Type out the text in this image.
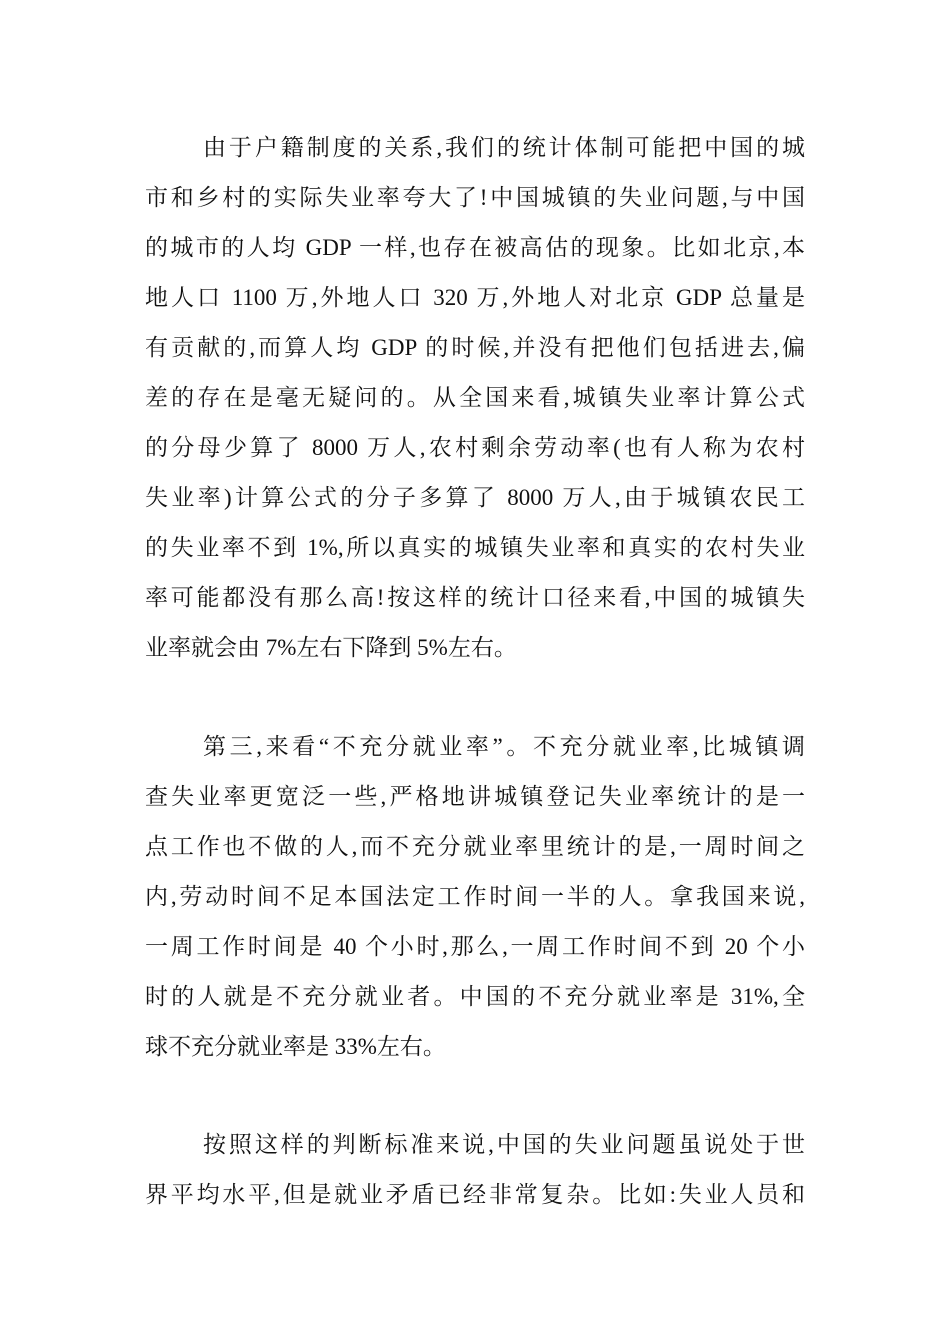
由于户籍制度的关系,我们的统计体制可能把中国的城
市和乡村的实际失业率夸大了!中国城镇的失业问题,与中国
的城市的人均 GDP 一样,也存在被高估的现象。比如北京,本
地人口 1100 万,外地人口 320 万,外地人对北京 GDP 总量是
有贡献的,而算人均 GDP 的时候,并没有把他们包括进去,偏
差的存在是毫无疑问的。从全国来看,城镇失业率计算公式
的分母少算了 8000 万人,农村剩余劳动率(也有人称为农村
失业率)计算公式的分子多算了 8000 万人,由于城镇农民工
的失业率不到 1%,所以真实的城镇失业率和真实的农村失业
率可能都没有那么高!按这样的统计口径来看,中国的城镇失
业率就会由 7%左右下降到 5%左右。
第三,来看“不充分就业率”。不充分就业率,比城镇调
查失业率更宽泛一些,严格地讲城镇登记失业率统计的是一
点工作也不做的人,而不充分就业率里统计的是,一周时间之
内,劳动时间不足本国法定工作时间一半的人。拿我国来说,
一周工作时间是 40 个小时,那么,一周工作时间不到 20 个小
时的人就是不充分就业者。中国的不充分就业率是 31%,全
球不充分就业率是 33%左右。
按照这样的判断标准来说,中国的失业问题虽说处于世
界平均水平,但是就业矛盾已经非常复杂。比如:失业人员和
